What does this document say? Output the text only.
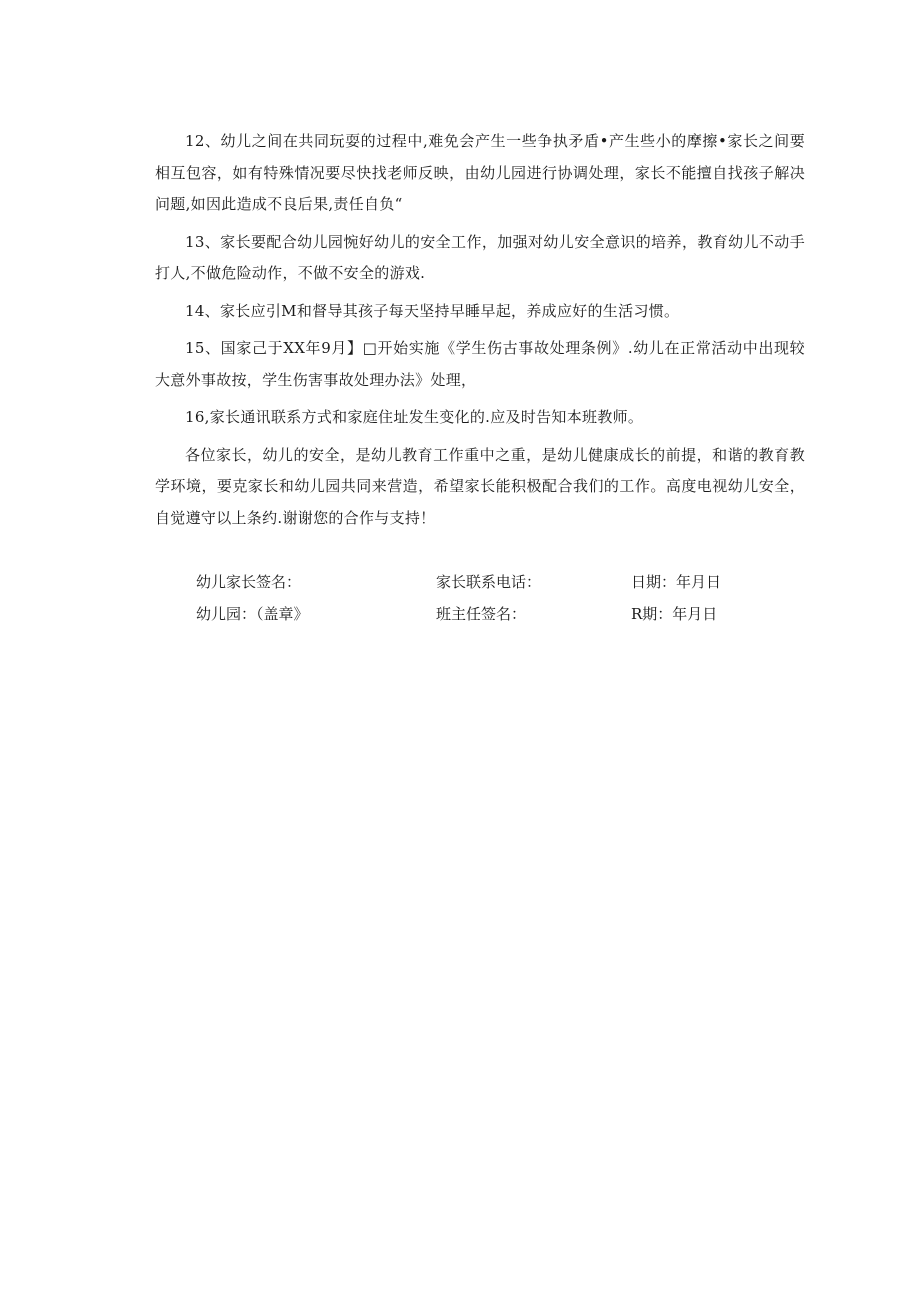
12、幼儿之间在共同玩耍的过程中,难免会产生一些争执矛盾•产生些小的摩擦•家长之间要相互包容，如有特殊情况要尽快找老师反映，由幼儿园进行协调处理，家长不能擅自找孩子解决问题,如因此造成不良后果,责任自负“

13、家长要配合幼儿园惋好幼儿的安全工作，加强对幼儿安全意识的培养，教育幼儿不动手打人,不做危险动作，不做不安全的游戏.

14、家长应引M和督导其孩子每天坚持早睡早起，养成应好的生活习惯。

15、国家己于XX年9月】□开始实施《学生伤古事故处理条例》.幼儿在正常活动中出现较大意外事故按，学生伤害事故处理办法》处理，

16,家长通讯联系方式和家庭住址发生变化的.应及时告知本班教师。

各位家长，幼儿的安全，是幼儿教育工作重中之重，是幼儿健康成长的前提，和谐的教育教学环境，要克家长和幼儿园共同来营造，希望家长能积极配合我们的工作。高度电视幼儿安全，自觉遵守以上条约.谢谢您的合作与支持！

幼儿家长签名：	家长联系电话：	日期：年月日
幼儿园：（盖章》	班主任签名：	R期：年月日
